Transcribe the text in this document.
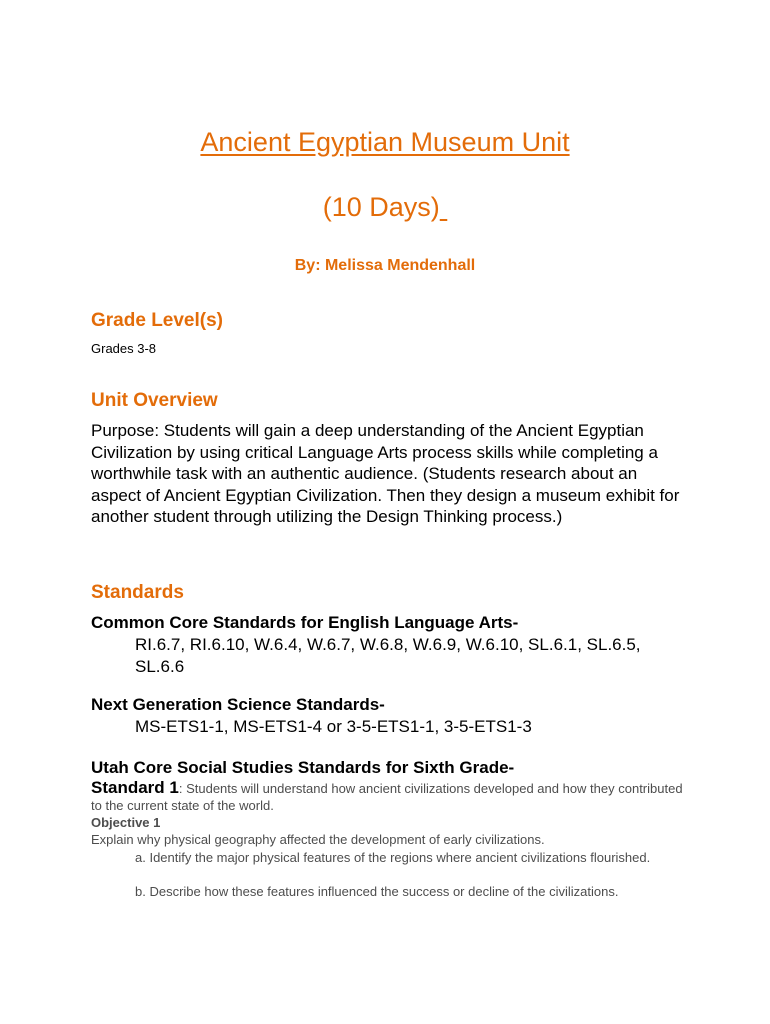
Ancient Egyptian Museum Unit
(10 Days)
By: Melissa Mendenhall
Grade Level(s)
Grades 3-8
Unit Overview
Purpose: Students will gain a deep understanding of the Ancient Egyptian Civilization by using critical Language Arts process skills while completing a worthwhile task with an authentic audience. (Students research about an aspect of Ancient Egyptian Civilization. Then they design a museum exhibit for another student through utilizing the Design Thinking process.)
Standards
Common Core Standards for English Language Arts-
RI.6.7, RI.6.10, W.6.4, W.6.7, W.6.8, W.6.9, W.6.10, SL.6.1, SL.6.5, SL.6.6
Next Generation Science Standards-
MS-ETS1-1, MS-ETS1-4 or 3-5-ETS1-1, 3-5-ETS1-3
Utah Core Social Studies Standards for Sixth Grade-
Standard 1: Students will understand how ancient civilizations developed and how they contributed to the current state of the world.
Objective 1
Explain why physical geography affected the development of early civilizations.
a. Identify the major physical features of the regions where ancient civilizations flourished.
b. Describe how these features influenced the success or decline of the civilizations.
